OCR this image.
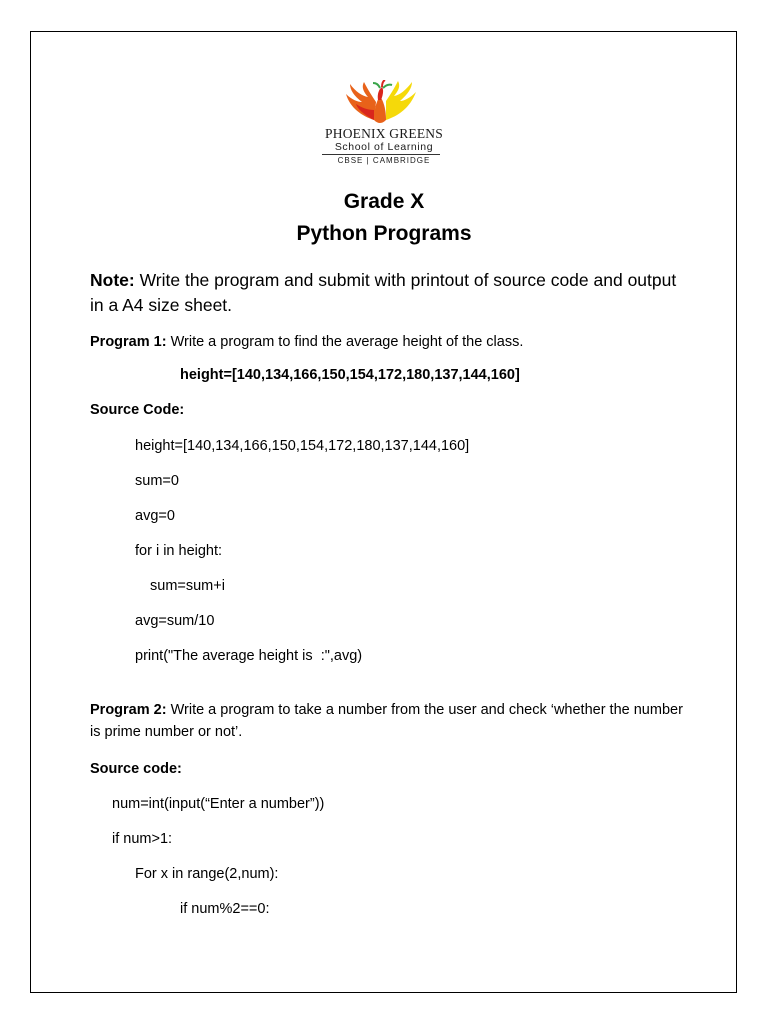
PHOENIX GREENS
School of Learning
CBSE | CAMBRIDGE
Grade X
Python Programs
Note: Write the program and submit with printout of source code and output in a A4 size sheet.
Program 1: Write a program to find the average height of the class.
height=[140,134,166,150,154,172,180,137,144,160]
Source Code:
height=[140,134,166,150,154,172,180,137,144,160]
sum=0
avg=0
for i in height:
sum=sum+i
avg=sum/10
print("The average height is  :",avg)
Program 2: Write a program to take a number from the user and check ‘whether the number is prime number or not’.
Source code:
num=int(input(“Enter a number”))
if num>1:
For x in range(2,num):
if num%2==0:
